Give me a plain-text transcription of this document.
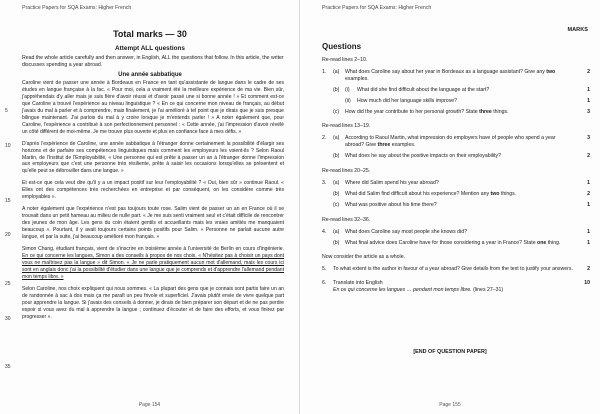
Practice Papers for SQA Exams: Higher French
Total marks — 30
Attempt ALL questions
Read the whole article carefully and then answer, in English, ALL the questions that follow. In this article, the writer discusses spending a year abroad.
Une année sabbatique

Caroline vient de passer une année à Bordeaux en France en tant qu'assistante de langue dans le cadre de ses études en langue française à la fac. « Pour moi, cela a vraiment été la meilleure expérience de ma vie. Bien sûr, j'appréhendais d'y aller mais je suis fière d'avoir réussi et d'avoir passé une si bonne année ! » Et comment est-ce que Caroline a trouvé l'expérience au niveau linguistique ? « En ce qui concerne mon niveau de français, au début j'avais du mal à parler et à comprendre, mais finalement, je l'ai amélioré à tel point que je dirais que je suis presque bilingue maintenant. J'ai parlois du mal à y croire lorsque je m'entends parler ! » A noter également que, pour Caroline, l'expérience a contribué à son perfectionnement personnel : « Cette année, j'ai l'impression d'avoir révélé un côté différent de moi-même. Je me trouve plus ouverte et plus en confiance face à mes défis. »

D'après l'expérience de Caroline, une année sabbatique à l'étranger donne certainement la possibilité d'élargir ses horizons et de parfaire ses compétences linguistiques mais comment les employeurs les voient-ils ? Selon Raoul Martin, de l'Institut de l'Employabilité, « Une personne qui est prête à passer un an à l'étranger donne l'impression aux employeurs que c'est une personne très résiliente, prête à saisir les occasions lorsqu'elles se présentent et qu'elle peut se débrouiller dans une langue. »

Et est-ce que cela veut dire qu'il y a un impact positif sur leur l'employabilité ? « Oui, bien sûr » continue Raoul. « Elles ont des compétences très recherchées en entreprise et par conséquent, on les considère comme très employables ».

A noter également que l'expérience n'est pas toujours toute rose. Salim vient de passer un an en France où il se trouvait dans un petit hameau au milieu de nulle part. « Je me suis senti vraiment seul et c'était difficile de rencontrer des jeunes de mon âge. Les gens du coin étaient gentils et accueillants mais les vraies amitiés me manquaient beaucoup ». Pourtant, il y avait toujours certains points positifs pour Salim. « Personne ne parlait aucune autre langue, et par la suite, j'ai beaucoup amélioré mon français. »

Simon Chang, étudiant français, vient de s'inscrire en troisième année à l'université de Berlin en cours d'ingénierie. En ce qui concerne les langues, Simon a des conseils à propos de nos choix. « N'hésitez pas à choisir un pays dont vous ne maîtrisez pas la langue » dit Simon. « Je ne parle pratiquement aucun mot d'allemand, mais les cours ici sont en anglais donc j'ai la possibilité d'étudier dans une langue que je comprends et d'apprendre l'allemand pendant mon temps libre. »

Selon Caroline, nos choix expliquent qui nous sommes. « La plupart des gens que je connais sont partis faire un an de randonnée à sac à dos mais ça me paraît un peu frivole et superficiel. J'avais plutôt envie de vivre quelque part pour apprendre la langue. Si j'avais des conseils à donner, je dirais de bien préparer son départ et de ne pas perdre espoir si vous avez du mal à apprendre la langue ; continuez d'écouter et de faire des efforts, et vous finirez par progresser ».

5
10
15
20
25
30
35
Page 154
Practice Papers for SQA Exams: Higher French
MARKS
Questions
Re-read lines 2–10.
1.	(a)	What does Caroline say about her year in Bordeaux as a language assistant? Give any two examples.
2
(b)	(i)	What did she find difficult about the language at the start?	1
(ii)	How much did her language skills improve?	1
(c)	How did the year contribute to her personal growth? State three things.	3
Re-read lines 13–19.
2.	(a)	According to Raoul Martin, what impression do employers have of people who spend a year abroad? Give three examples.
3
(b)	What does he say about the positive impacts on their employability?	2
Re-read lines 20–25.
3.	(a)	Where did Salim spend his year abroad?	1
(b)	What did Salim find difficult about his experience? Mention any two things.	2
(c)	What was positive about his time there?	1
Re-read lines 32–36.
4.	(a)	What does Caroline say most people she knows did?	1
(b)	What final advice does Caroline have for those considering a year in France? State one thing.	1
Now consider the article as a whole.
5.	To what extent is the author in favour of a year abroad? Give details from the text to justify your answers.	2
6.	Translate into English
En ce qui concerne les langues … pendant mon temps libre. (lines 27–31)
10
[END OF QUESTION PAPER]
Page 155
